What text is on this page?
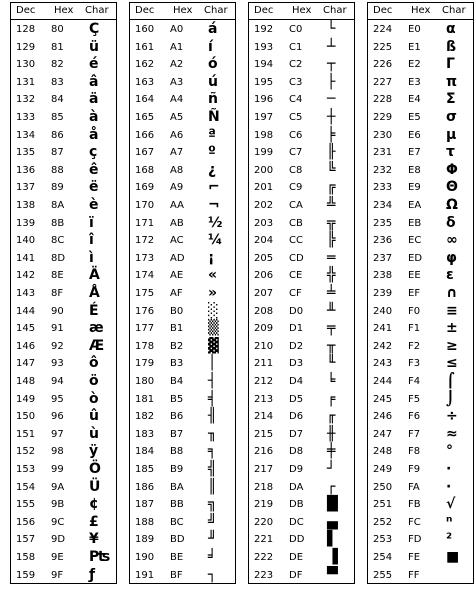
Dec Hex Char
128 80 Ç
129 81 ü
130 82 é
131 83 â
132 84 ä
133 85 à
134 86 å
135 87 ç
136 88 ê
137 89 ë
138 8A è
139 8B ï
140 8C î
141 8D ì
142 8E Ä
143 8F Å
144 90 É
145 91 æ
146 92 Æ
147 93 ô
148 94 ö
149 95 ò
150 96 û
151 97 ù
152 98 ÿ
153 99 Ö
154 9A Ü
155 9B ¢
156 9C £
157 9D ¥
158 9E ₧
159 9F ƒ
Dec Hex Char
160 A0 á
161 A1 í
162 A2 ó
163 A3 ú
164 A4 ñ
165 A5 Ñ
166 A6 ª
167 A7 º
168 A8 ¿
169 A9 ⌐
170 AA ¬
171 AB ½
172 AC ¼
173 AD ¡
174 AE «
175 AF »
176 B0 ░
177 B1 ▒
178 B2 ▓
179 B3 │
180 B4 ┤
181 B5 ╡
182 B6 ╢
183 B7 ╖
184 B8 ╕
185 B9 ╣
186 BA ║
187 BB ╗
188 BC ╝
189 BD ╜
190 BE ╛
191 BF ┐
Dec Hex Char
192 C0 └
193 C1 ┴
194 C2 ┬
195 C3 ├
196 C4 ─
197 C5 ┼
198 C6 ╞
199 C7 ╟
200 C8 ╚
201 C9 ╔
202 CA ╩
203 CB ╦
204 CC ╠
205 CD ═
206 CE ╬
207 CF ╧
208 D0 ╨
209 D1 ╤
210 D2 ╥
211 D3 ╙
212 D4 ╘
213 D5 ╒
214 D6 ╓
215 D7 ╫
216 D8 ╪
217 D9 ┘
218 DA ┌
219 DB █
220 DC ▄
221 DD ▌
222 DE ▐
223 DF ▀
Dec Hex Char
224 E0 α
225 E1 ß
226 E2 Γ
227 E3 π
228 E4 Σ
229 E5 σ
230 E6 µ
231 E7 τ
232 E8 Φ
233 E9 Θ
234 EA Ω
235 EB δ
236 EC ∞
237 ED φ
238 EE ε
239 EF ∩
240 F0 ≡
241 F1 ±
242 F2 ≥
243 F3 ≤
244 F4 ⌠
245 F5 ⌡
246 F6 ÷
247 F7 ≈
248 F8 °
249 F9 ∙
250 FA ·
251 FB √
252 FC ⁿ
253 FD ²
254 FE ■
255 FF
